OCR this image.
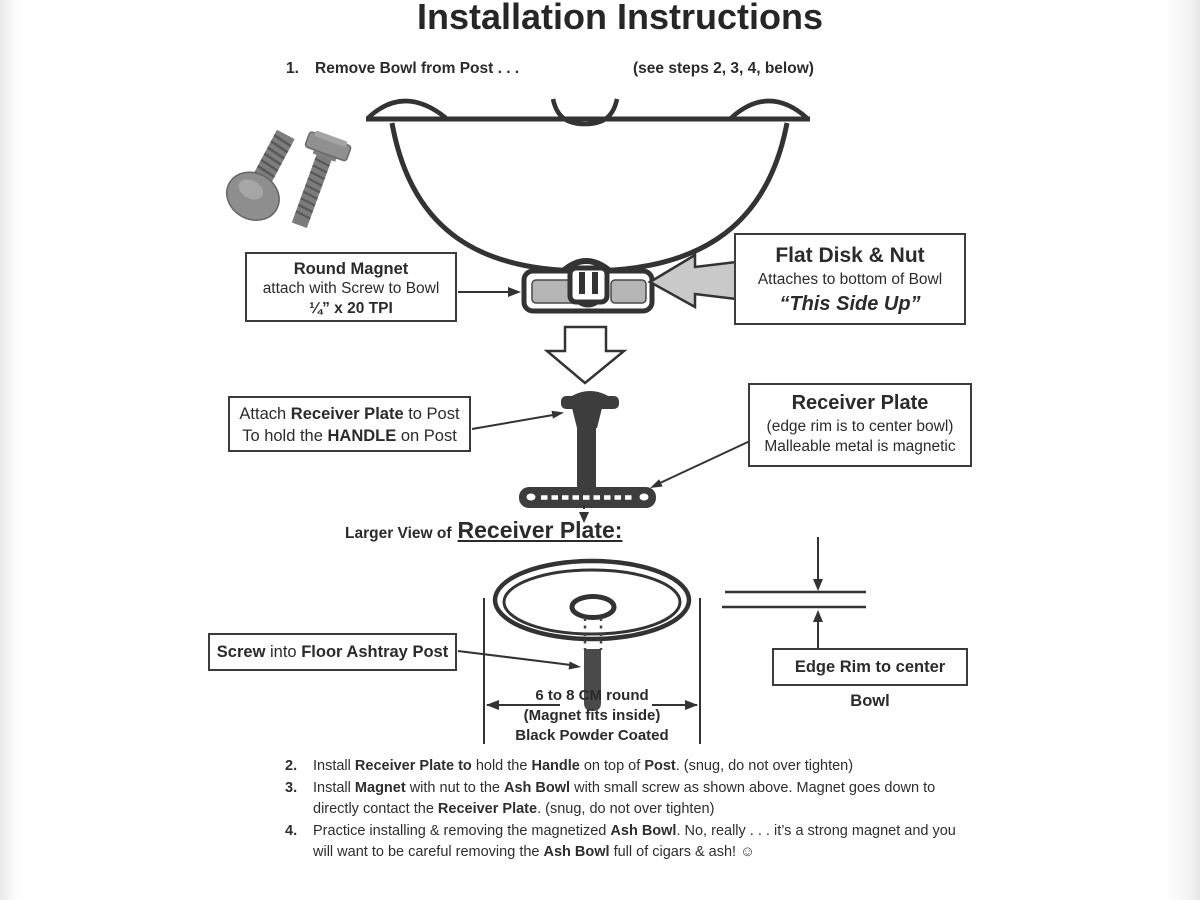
Installation Instructions
1. Remove Bowl from Post . . .	(see steps 2, 3, 4, below)
Round Magnet
attach with Screw to Bowl
¼” x 20 TPI
Flat Disk & Nut
Attaches to bottom of Bowl
“This Side Up”
Attach Receiver Plate to Post
To hold the HANDLE on Post
Receiver Plate
(edge rim is to center bowl)
Malleable metal is magnetic
Screw into Floor Ashtray Post
Edge Rim to center Bowl
Larger View of Receiver Plate:
6 to 8 CM round
(Magnet fits inside)
Black Powder Coated
2.	Install Receiver Plate to hold the Handle on top of Post. (snug, do not over tighten)
3.	Install Magnet with nut to the Ash Bowl with small screw as shown above. Magnet goes down to directly contact the Receiver Plate. (snug, do not over tighten)
4.	Practice installing & removing the magnetized Ash Bowl. No, really . . . it’s a strong magnet and you will want to be careful removing the Ash Bowl full of cigars & ash! ☺
